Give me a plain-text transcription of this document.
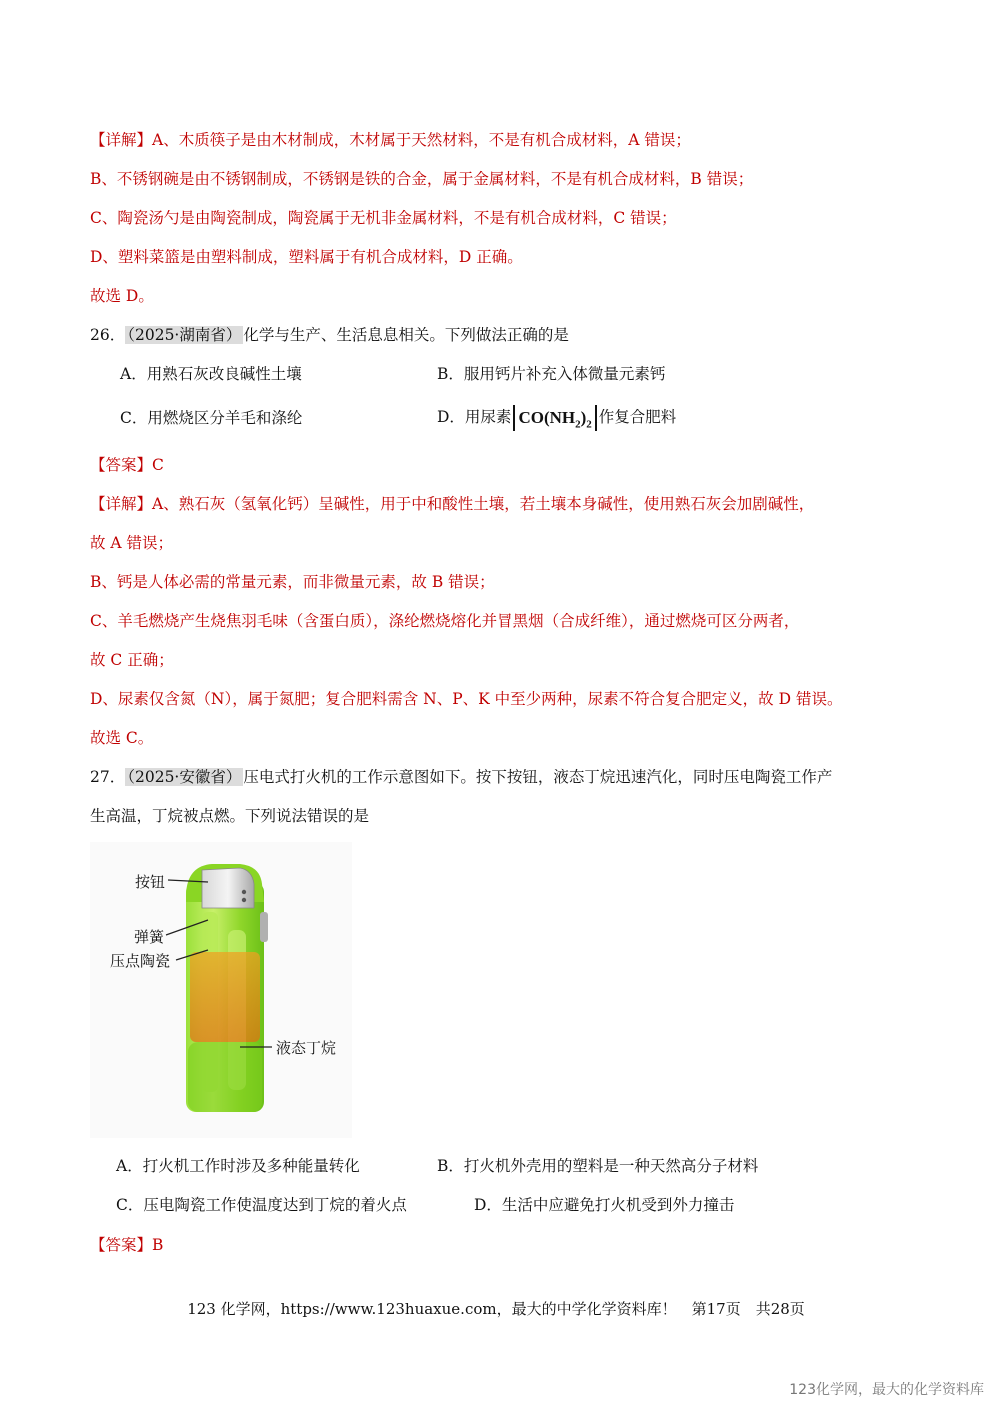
【详解】A、木质筷子是由木材制成，木材属于天然材料，不是有机合成材料，A 错误；
B、不锈钢碗是由不锈钢制成，不锈钢是铁的合金，属于金属材料，不是有机合成材料，B 错误；
C、陶瓷汤勺是由陶瓷制成，陶瓷属于无机非金属材料，不是有机合成材料，C 错误；
D、塑料菜篮是由塑料制成，塑料属于有机合成材料，D 正确。
故选 D。
26． （2025·湖南省） 化学与生产、生活息息相关。下列做法正确的是
A．用熟石灰改良碱性土壤	B．服用钙片补充入体微量元素钙
C．用燃烧区分羊毛和涤纶	D．用尿素 $CO(NH_2)_2$ 作复合肥料
【答案】C
【详解】A、熟石灰（氢氧化钙）呈碱性，用于中和酸性土壤，若土壤本身碱性，使用熟石灰会加剧碱性，
故 A 错误；
B、钙是人体必需的常量元素，而非微量元素，故 B 错误；
C、羊毛燃烧产生烧焦羽毛味（含蛋白质），涤纶燃烧熔化并冒黑烟（合成纤维），通过燃烧可区分两者，
故 C 正确；
D、尿素仅含氮（N），属于氮肥；复合肥料需含 N、P、K 中至少两种，尿素不符合复合肥定义，故 D 错误。
故选 C。
27． （2025·安徽省） 压电式打火机的工作示意图如下。按下按钮，液态丁烷迅速汽化，同时压电陶瓷工作产
生高温，丁烷被点燃。下列说法错误的是
按钮
弹簧
压点陶瓷
液态丁烷
A．打火机工作时涉及多种能量转化	B．打火机外壳用的塑料是一种天然高分子材料
C．压电陶瓷工作使温度达到丁烷的着火点	D．生活中应避免打火机受到外力撞击
【答案】B
123 化学网，https://www.123huaxue.com，最大的中学化学资料库！　第17页　共28页
123化学网，最大的化学资料库
